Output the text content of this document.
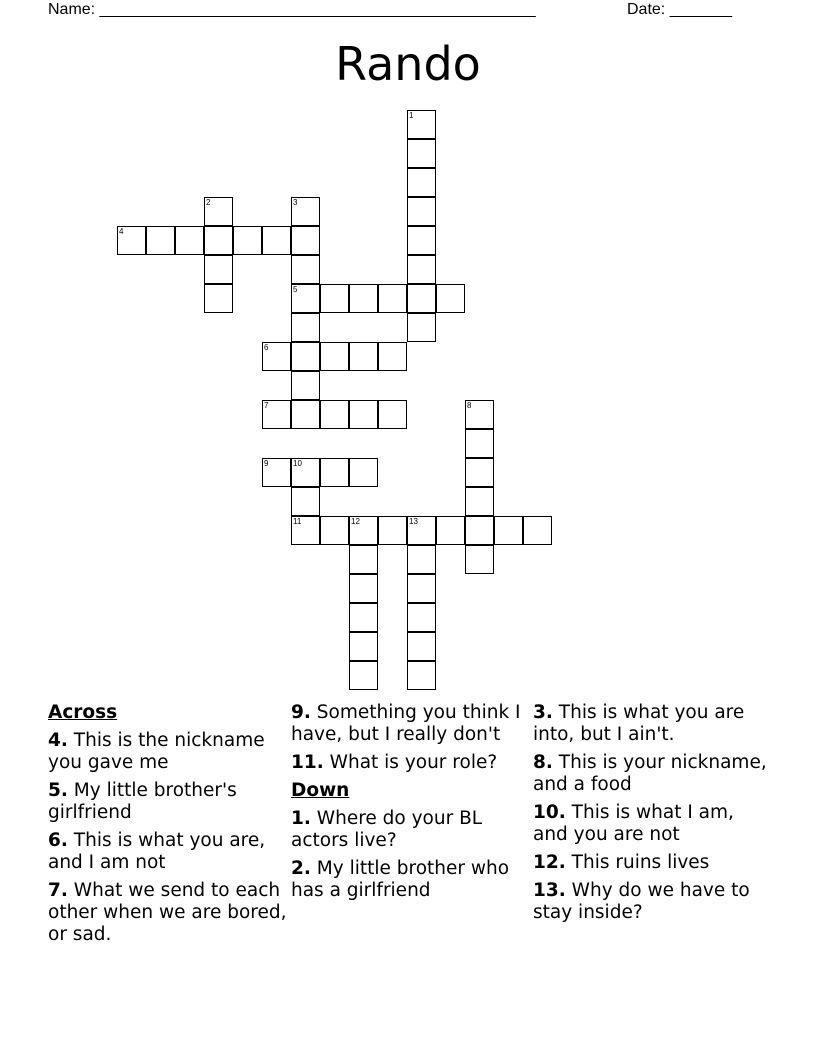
Name: _________________________________________________	Date: _______
Rando
1
2	3
4
5
6
7	8
9	10
11	12	13
Across
4. This is the nickname you gave me
5. My little brother's girlfriend
6. This is what you are, and I am not
7. What we send to each other when we are bored, or sad.
9. Something you think I have, but I really don't
11. What is your role?
Down
1. Where do your BL actors live?
2. My little brother who has a girlfriend
3. This is what you are into, but I ain't.
8. This is your nickname, and a food
10. This is what I am, and you are not
12. This ruins lives
13. Why do we have to stay inside?
